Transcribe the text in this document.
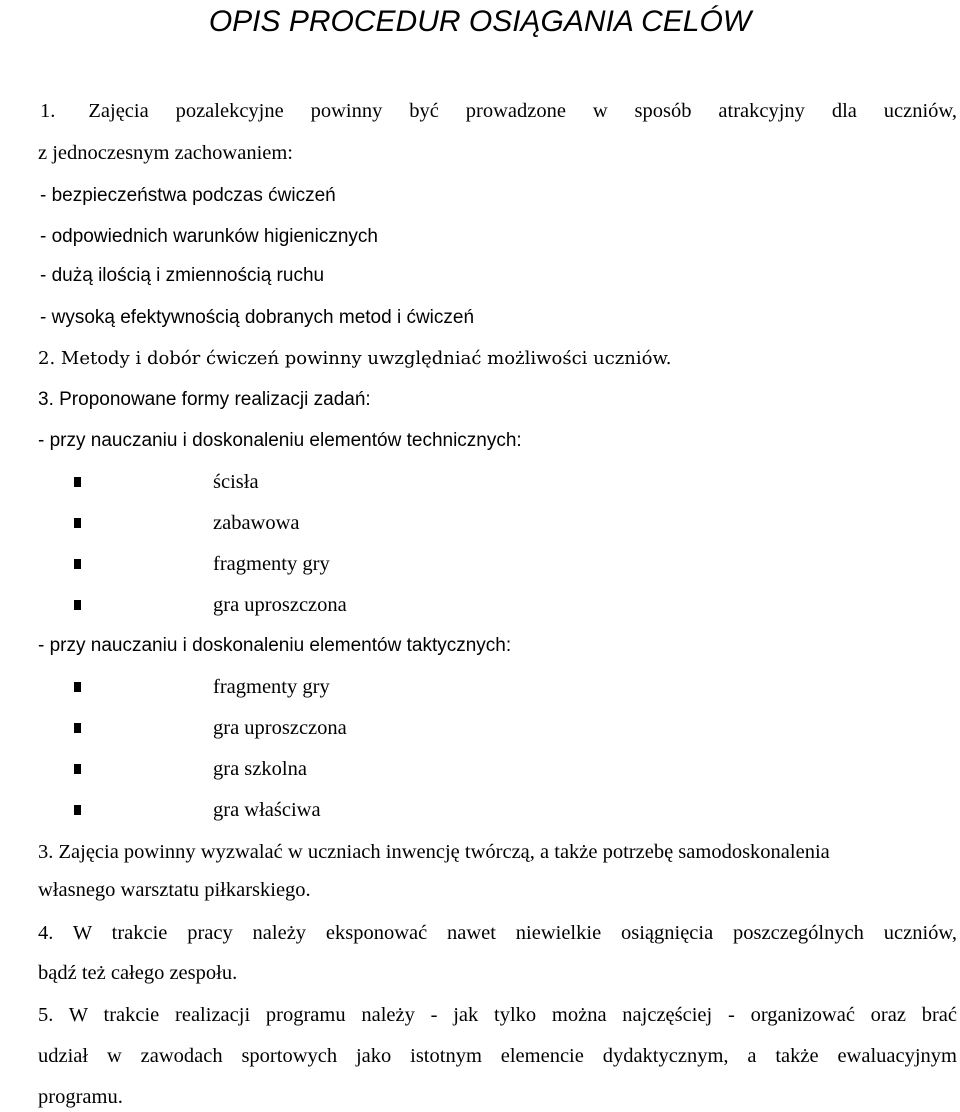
OPIS PROCEDUR OSIĄGANIA CELÓW
1. Zajęcia pozalekcyjne powinny być prowadzone w sposób atrakcyjny dla uczniów,
z jednoczesnym zachowaniem:
- bezpieczeństwa podczas ćwiczeń
- odpowiednich warunków higienicznych
- dużą ilością i zmiennością ruchu
- wysoką efektywnością dobranych metod i ćwiczeń
2. Metody i dobór ćwiczeń powinny uwzględniać możliwości uczniów.
3. Proponowane formy realizacji zadań:
- przy nauczaniu i doskonaleniu elementów technicznych:
ścisła
zabawowa
fragmenty gry
gra uproszczona
- przy nauczaniu i doskonaleniu elementów taktycznych:
fragmenty gry
gra uproszczona
gra szkolna
gra właściwa
3. Zajęcia powinny wyzwalać w uczniach inwencję twórczą, a także potrzebę samodoskonalenia
własnego warsztatu piłkarskiego.
4. W trakcie pracy należy eksponować nawet niewielkie osiągnięcia poszczególnych uczniów,
bądź też całego zespołu.
5. W trakcie realizacji programu należy - jak tylko można najczęściej - organizować oraz brać
udział w zawodach sportowych jako istotnym elemencie dydaktycznym, a także ewaluacyjnym
programu.
